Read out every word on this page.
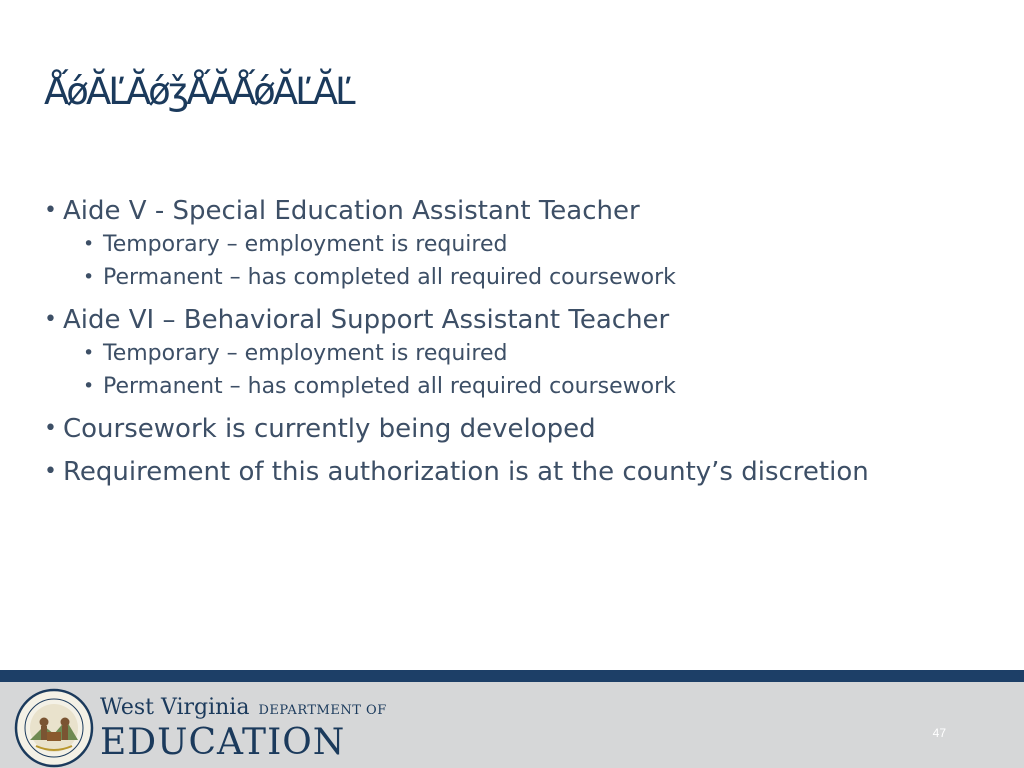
ǺǿĂĽĂǿǯǺĂǺǿĂĽĂĽ
• Aide V - Special Education Assistant Teacher
• Temporary – employment is required
• Permanent – has completed all required coursework
• Aide VI – Behavioral Support Assistant Teacher
• Temporary – employment is required
• Permanent – has completed all required coursework
• Coursework is currently being developed
• Requirement of this authorization is at the county’s discretion
West Virginia DEPARTMENT OF
EDUCATION	47
